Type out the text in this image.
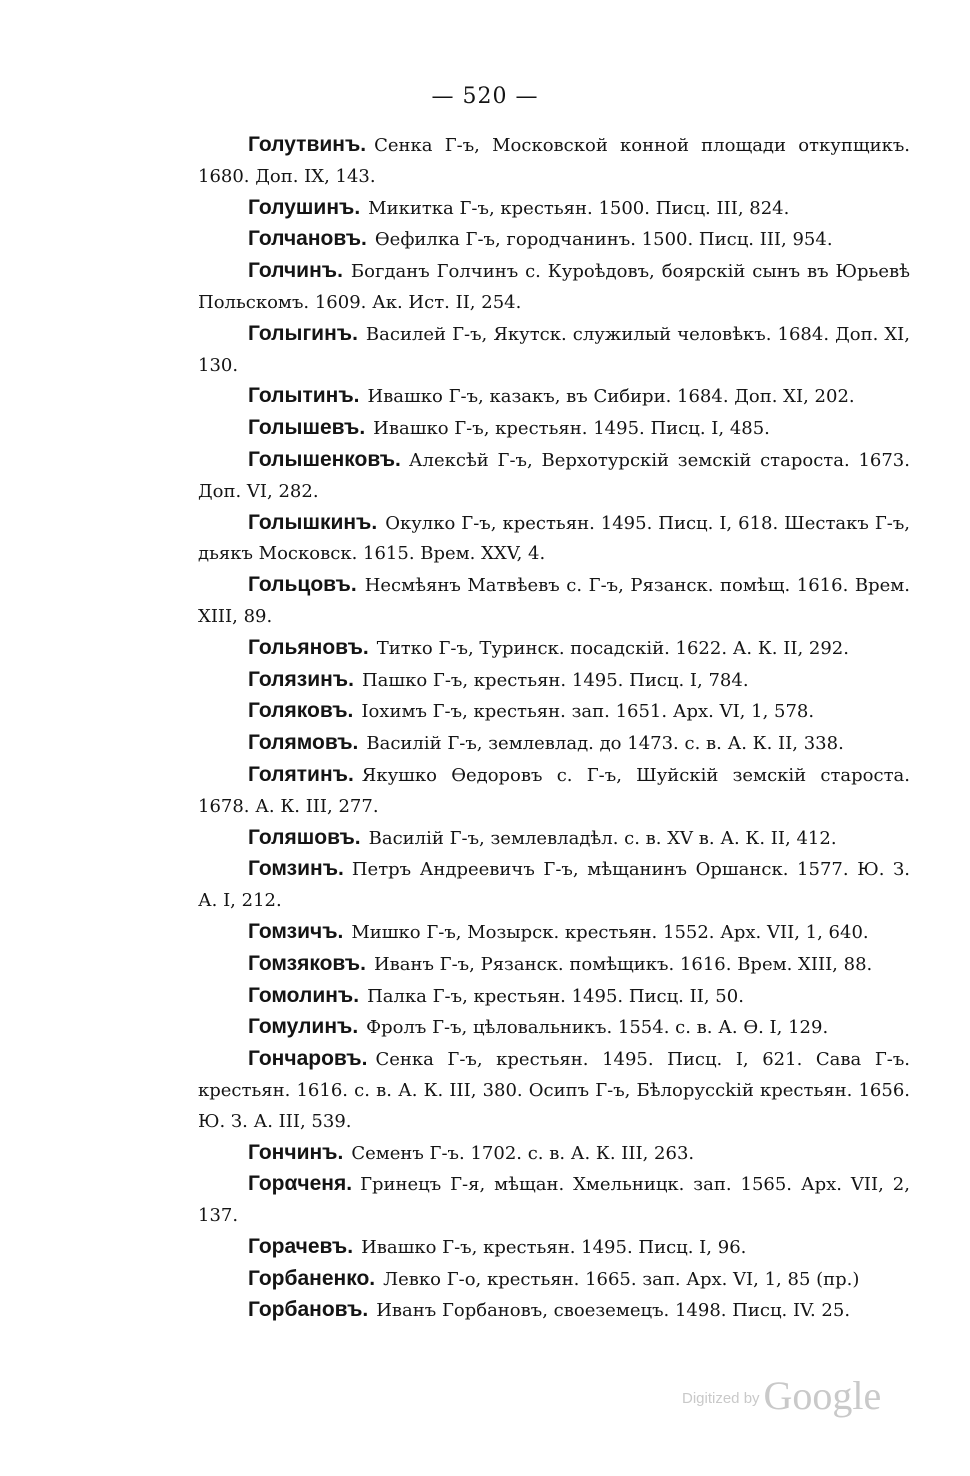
— 520 —

Голутвинъ. Сенка Г-ъ, Московской конной площади откупщикъ. 1680. Доп. IX, 143.

Голушинъ. Микитка Г-ъ, крестьян. 1500. Писц. III, 824.

Голчановъ. Ѳефилка Г-ъ, городчанинъ. 1500. Писц. III, 954.

Голчинъ. Богданъ Голчинъ с. Куроѣдовъ, боярскій сынъ въ Юрьевѣ Польскомъ. 1609. Ак. Ист. II, 254.

Голыгинъ. Василей Г-ъ, Якутск. служилый человѣкъ. 1684. Доп. XI, 130.

Голытинъ. Ивашко Г-ъ, казакъ, въ Сибири. 1684. Доп. XI, 202.

Голышевъ. Ивашко Г-ъ, крестьян. 1495. Писц. I, 485.

Голышенковъ. Алексѣй Г-ъ, Верхотурскій земскій староста. 1673. Доп. VI, 282.

Голышкинъ. Окулко Г-ъ, крестьян. 1495. Писц. I, 618. Шестакъ Г-ъ, дьякъ Московск. 1615. Врем. XXV, 4.

Гольцовъ. Несмѣянъ Матвѣевъ с. Г-ъ, Рязанск. помѣщ. 1616. Врем. XIII, 89.

Гольяновъ. Титко Г-ъ, Туринск. посадскій. 1622. А. К. II, 292.

Голязинъ. Пашко Г-ъ, крестьян. 1495. Писц. I, 784.

Голяковъ. Іохимъ Г-ъ, крестьян. зап. 1651. Арх. VI, 1, 578.

Голямовъ. Василій Г-ъ, землевлад. до 1473. с. в. А. К. II, 338.

Голятинъ. Якушко Ѳедоровъ с. Г-ъ, Шуйскій земскій староста. 1678. А. К. III, 277.

Голяшовъ. Василій Г-ъ, землевладѣл. с. в. XV в. А. К. II, 412.

Гомзинъ. Петръ Андреевичъ Г-ъ, мѣщанинъ Оршанск. 1577. Ю. З. А. I, 212.

Гомзичъ. Мишко Г-ъ, Мозырск. крестьян. 1552. Арх. VII, 1, 640.

Гомзяковъ. Иванъ Г-ъ, Рязанск. помѣщикъ. 1616. Врем. XIII, 88.

Гомолинъ. Палка Г-ъ, крестьян. 1495. Писц. II, 50.

Гомулинъ. Фролъ Г-ъ, цѣловальникъ. 1554. с. в. А. Ѳ. I, 129.

Гончаровъ. Сенка Г-ъ, крестьян. 1495. Писц. I, 621. Сава Г-ъ. крестьян. 1616. с. в. А. К. III, 380. Осипъ Г-ъ, Бѣлоруссkій крестьян. 1656. Ю. З. А. III, 539.

Гончинъ. Семенъ Г-ъ. 1702. с. в. А. К. III, 263.

Горαченя. Гринецъ Г-я, мѣщан. Хмельницк. зап. 1565. Арх. VII, 2, 137.

Горачевъ. Ивашко Г-ъ, крестьян. 1495. Писц. I, 96.

Горбаненко. Левко Г-о, крестьян. 1665. зап. Арх. VI, 1, 85 (пр.)

Горбановъ. Иванъ Горбановъ, своеземецъ. 1498. Писц. IV. 25.

Digitized by Google
